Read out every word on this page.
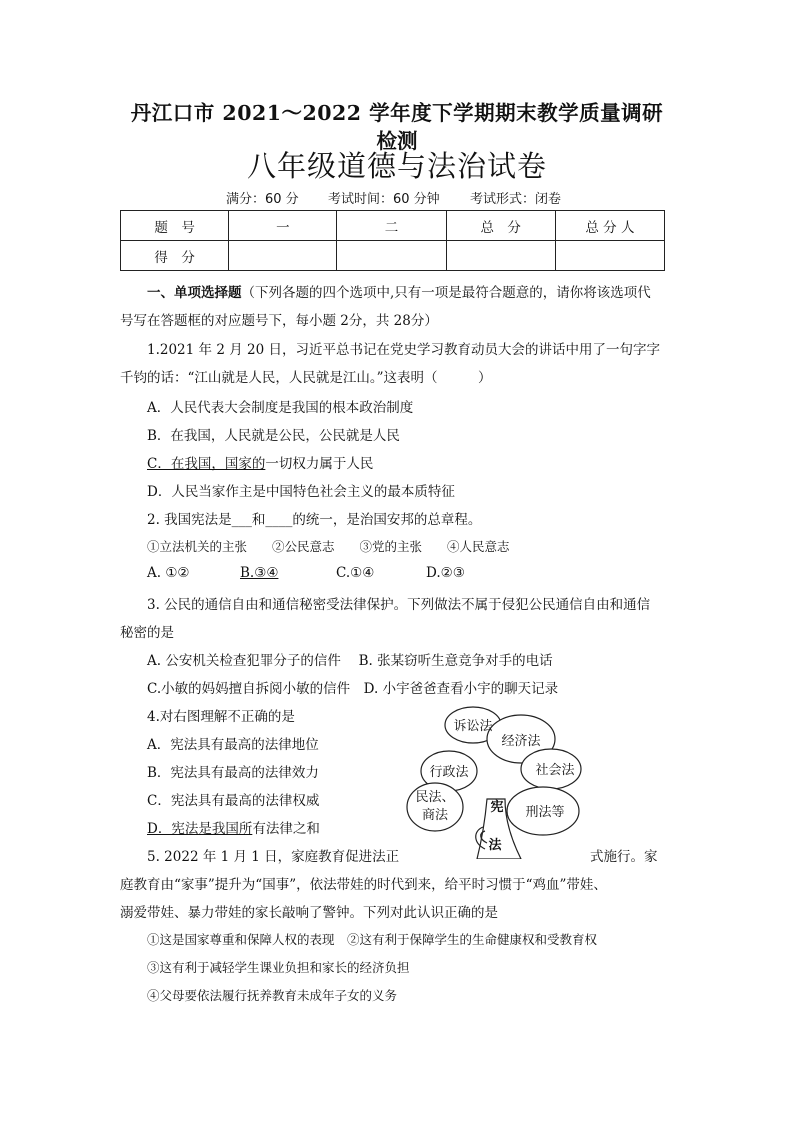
丹江口市 2021～2022 学年度下学期期末教学质量调研
检测
八年级道德与法治试卷
满分：60 分 考试时间：60 分钟 考试形式：闭卷
题　号	一	二	总　分	总 分 人
得　分				
一、单项选择题（下列各题的四个选项中,只有一项是最符合题意的，请你将该选项代
号写在答题框的对应题号下，每小题 2分，共 28分）
1.2021 年 2 月 20 日，习近平总书记在党史学习教育动员大会的讲话中用了一句字字
千钧的话：“江山就是人民，人民就是江山。”这表明（　　　）
A．人民代表大会制度是我国的根本政治制度
B．在我国，人民就是公民，公民就是人民
C．在我国，国家的一切权力属于人民
D．人民当家作主是中国特色社会主义的最本质特征
2. 我国宪法是___和____的统一，是治国安邦的总章程。
①立法机关的主张　　②公民意志　　③党的主张　　④人民意志
A. ①②	B.③④	C.①④	D.②③
3. 公民的通信自由和通信秘密受法律保护。下列做法不属于侵犯公民通信自由和通信
秘密的是
A. 公安机关检查犯罪分子的信件　 B. 张某窃听生意竞争对手的电话
C.小敏的妈妈擅自拆阅小敏的信件　D. 小宇爸爸查看小宇的聊天记录
4.对右图理解不正确的是
A．宪法具有最高的法律地位
B．宪法具有最高的法律效力
C．宪法具有最高的法律权威
D．宪法是我国所有法律之和
诉讼法
经济法
行政法	社会法
民法、
商法	刑法等
宪
法
5. 2022 年 1 月 1 日，家庭教育促进法正	式施行。家
庭教育由“家事”提升为“国事”，依法带娃的时代到来，给平时习惯于“鸡血”带娃、
溺爱带娃、暴力带娃的家长敲响了警钟。下列对此认识正确的是
①这是国家尊重和保障人权的表现　②这有利于保障学生的生命健康权和受教育权
③这有利于减轻学生课业负担和家长的经济负担
④父母要依法履行抚养教育未成年子女的义务
